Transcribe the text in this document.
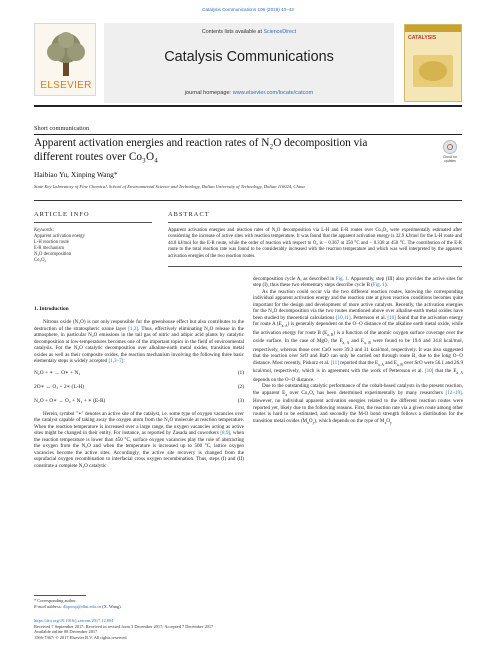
Catalysis Communications 106 (2018) 40–43
ELSEVIER
Contents lists available at ScienceDirect
Catalysis Communications
journal homepage: www.elsevier.com/locate/catcom
CATALYSIS
Short communication
Apparent activation energies and reaction rates of N₂O decomposition via different routes over Co₃O₄	Check for updates
Haibiao Yu, Xinping Wang*
State Key Laboratory of Fine Chemical, School of Environmental Science and Technology, Dalian University of Technology, Dalian 116024, China
ARTICLE INFO	ABSTRACT
Keywords:
Apparent activation energy
L-H reaction route
E-R mechanism
N₂O decomposition
Co₃O₄
Apparent activation energies and reaction rates of N₂O decomposition via L-H and E-R routes over Co₃O₄ were experimentally estimated after considering the increase of active sites with reaction temperature. It was found that the apparent activation energy is 32.9 kJ/mol for the L-H route and 44.8 kJ/mol for the E-R route, while the order of reaction with respect to O₂ is − 0.367 at 350 °C and − 0.338 at 450 °C. The contribution of the E-R route to the total reaction rate was found to be considerably increased with the reaction temperature and which was well interpreted by the apparent activation energies of the two reaction routes.
1. Introduction

Nitrous oxide (N₂O) is not only responsible for the greenhouse effect but also contributes to the destruction of the stratospheric ozone layer [1,2]. Thus, effectively eliminating N₂O release in the atmosphere, in particular N₂O emissions in the tail gas of nitric and adipic acid plants by catalytic decomposition at low-temperatures becomes one of the important topics in the field of environmental catalysis. For the N₂O catalytic decomposition over alkaline-earth metal oxides, transition metal oxides as well as their composite oxides, the reaction mechanism involving the following three basic elementary steps is widely accepted [1,3–7]:

N₂O + ∗ → O∗ + N₂	(1)
2O∗ ↔ O₂ + 2∗ (L-H)	(2)
N₂O + O∗ → O₂ + N₂ + ∗ (E-R)	(3)

Herein, symbol "∗" denotes an active site of the catalyst, i.e. some type of oxygen vacancies over the catalyst capable of taking away the oxygen atom from the N₂O molecule at reaction temperature. When the reaction temperature is increased over a large range, the oxygen vacancies acting as active sites might be changed in their entity. For instance, as reported by Zasada and coworkers [8,9], when the reaction temperature is lower than 450 °C, surface oxygen vacancies play the role of abstracting the oxygen from the N₂O and when the temperature is increased up to 500 °C, lattice oxygen vacancies become the active sites. Accordingly, the active site recovery is changed from the suprafacial oxygen recombination to interfacial cross oxygen recombination. Thus, steps (I) and (II) constitute a complete N₂O catalytic

decomposition cycle A, as described in Fig. 1. Apparently, step (III) also provides the active sites for step (I), thus these two elementary steps describe cycle B (Fig. 1).

As the reaction could occur via the two different reaction routes, knowing the corresponding individual apparent activation energy and the reaction rate at given reaction conditions becomes quite important for the design and development of more active catalysts. Recently, the activation energies for the N₂O decomposition via the two routes mentioned above over alkaline-earth metal oxides have been studied by theoretical calculations [10,11]. Pettersson et al. [10] found that the activation energy for route A $(E_{a, A})$ is generally dependent on the O−O distance of the alkaline earth metal oxide, while the activation energy for route B $(E_{a, B})$ is a function of the atomic oxygen surface coverage over the oxide surface. In the case of MgO, the $E_{a, A}$ and $E_{a, B}$ were found to be 19.6 and 34.8 kcal/mol, respectively, whereas those over CaO were 39.3 and 31 kcal/mol, respectively. It was also suggested that the reaction over SrO and BaO can only be carried out through route B, due to the long O−O distance. Most recently, Piskorz et al. [11] reported that the $E_{a, A}$ and $E_{a, B}$ over SrO were 56.1 and 26.9 kcal/mol, respectively, which is in agreement with the work of Pettersson et al. [10] that the $E_{a, A}$ depends on the O−O distance.

Due to the outstanding catalytic performance of the cobalt-based catalysts in the present reaction, the apparent $E_a$ over Co₃O₄ has been determined experimentally by many researchers [12–19]. However, no individual apparent activation energies related to the different reaction routes were reported yet, likely due to the following reasons. First, the reaction rate via a given route among other routes is hard to be estimated, and secondly the M-O bond strength follows a distribution for the transition metal oxides $(M_xO_y)$, which depends on the type of $M_xO_y$

* Corresponding author.
E-mail address: dlipwxp@dlut.edu.cn (X. Wang).
https://doi.org/10.1016/j.catcom.2017.12.004
Received 7 September 2017; Received in revised form 3 December 2017; Accepted 7 December 2017
Available online 08 December 2017
1566-7367/ © 2017 Elsevier B.V. All rights reserved.
